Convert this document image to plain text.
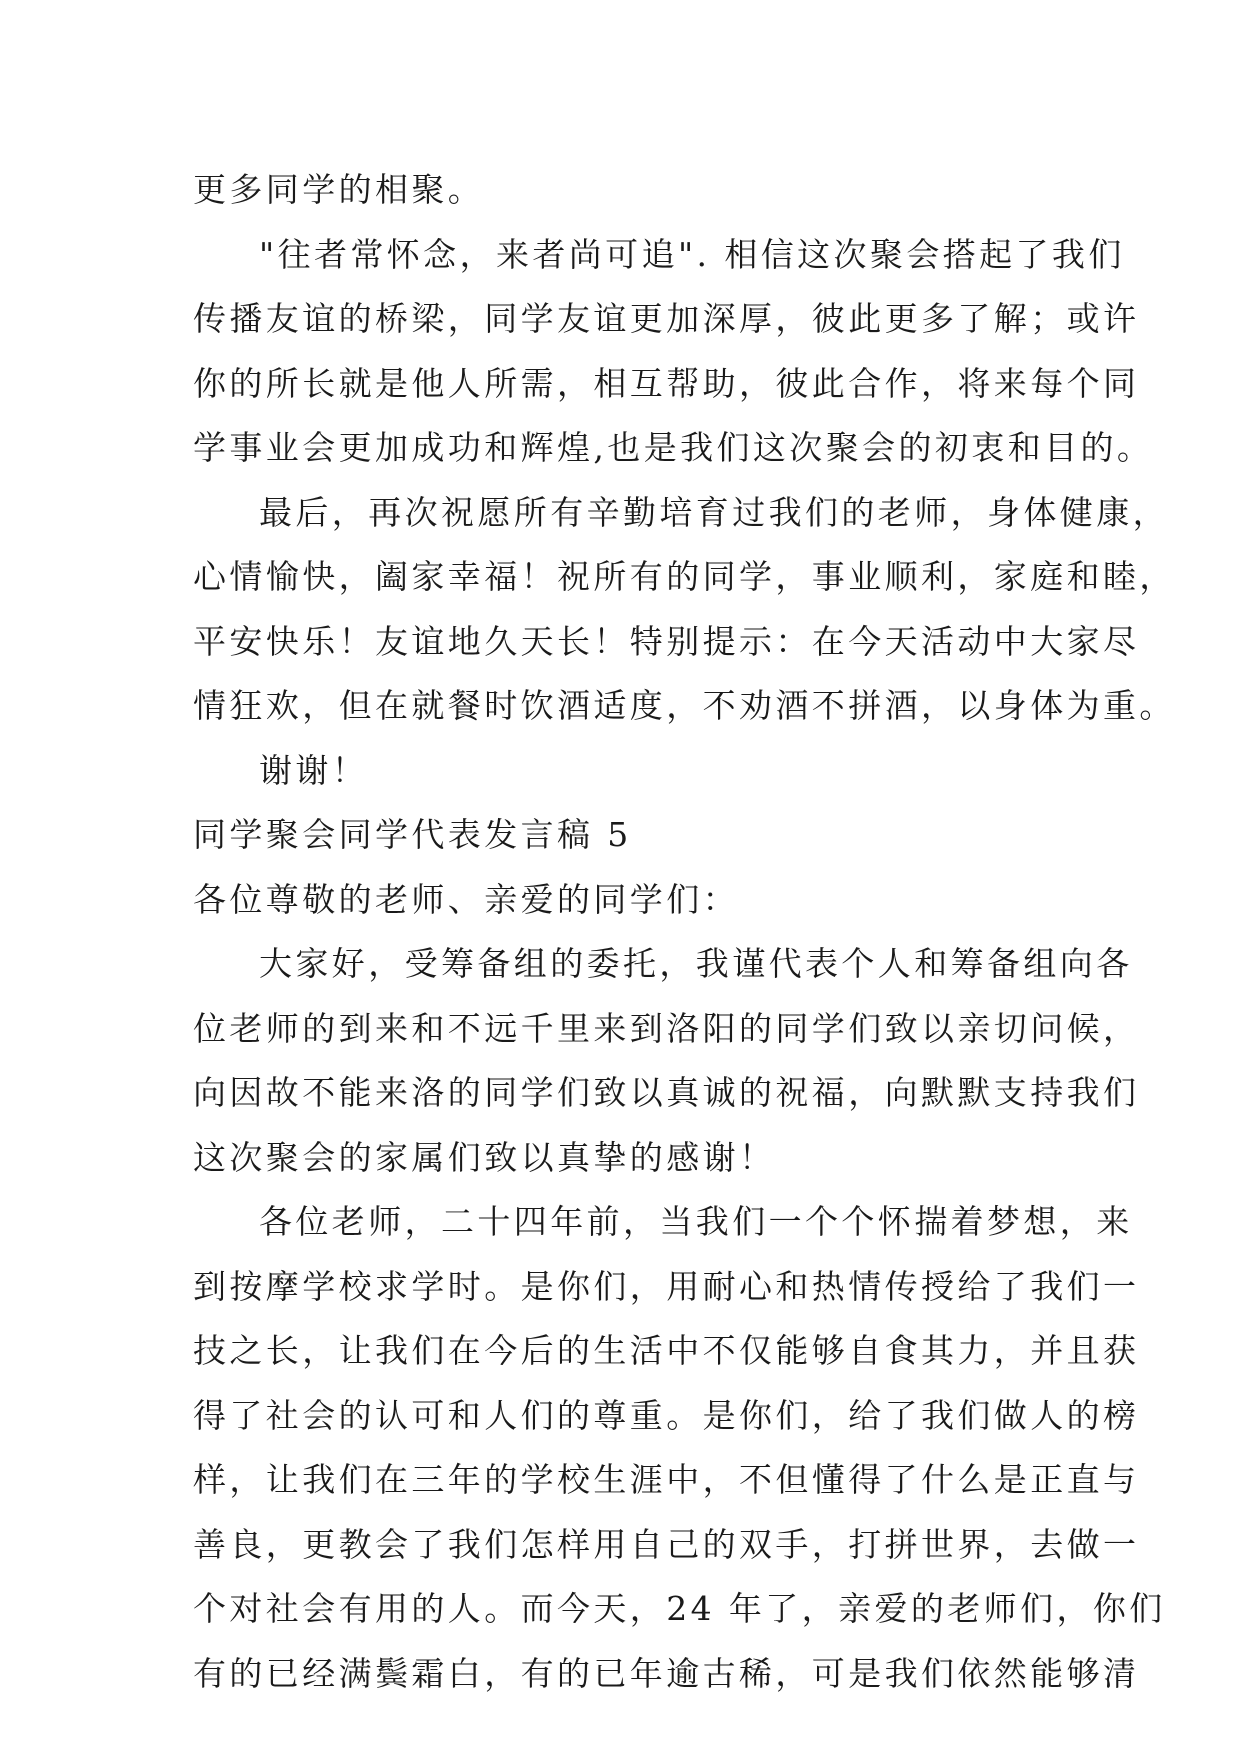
更多同学的相聚。
"往者常怀念，来者尚可追". 相信这次聚会搭起了我们
传播友谊的桥梁，同学友谊更加深厚，彼此更多了解；或许
你的所长就是他人所需，相互帮助，彼此合作，将来每个同
学事业会更加成功和辉煌,也是我们这次聚会的初衷和目的。
最后，再次祝愿所有辛勤培育过我们的老师，身体健康，
心情愉快，阖家幸福！祝所有的同学，事业顺利，家庭和睦，
平安快乐！友谊地久天长！特别提示：在今天活动中大家尽
情狂欢，但在就餐时饮酒适度，不劝酒不拼酒，以身体为重。
谢谢！
同学聚会同学代表发言稿 5
各位尊敬的老师、亲爱的同学们：
大家好，受筹备组的委托，我谨代表个人和筹备组向各
位老师的到来和不远千里来到洛阳的同学们致以亲切问候，
向因故不能来洛的同学们致以真诚的祝福，向默默支持我们
这次聚会的家属们致以真挚的感谢！
各位老师，二十四年前，当我们一个个怀揣着梦想，来
到按摩学校求学时。是你们，用耐心和热情传授给了我们一
技之长，让我们在今后的生活中不仅能够自食其力，并且获
得了社会的认可和人们的尊重。是你们，给了我们做人的榜
样，让我们在三年的学校生涯中，不但懂得了什么是正直与
善良，更教会了我们怎样用自己的双手，打拼世界，去做一
个对社会有用的人。而今天，24 年了，亲爱的老师们，你们
有的已经满鬓霜白，有的已年逾古稀，可是我们依然能够清
